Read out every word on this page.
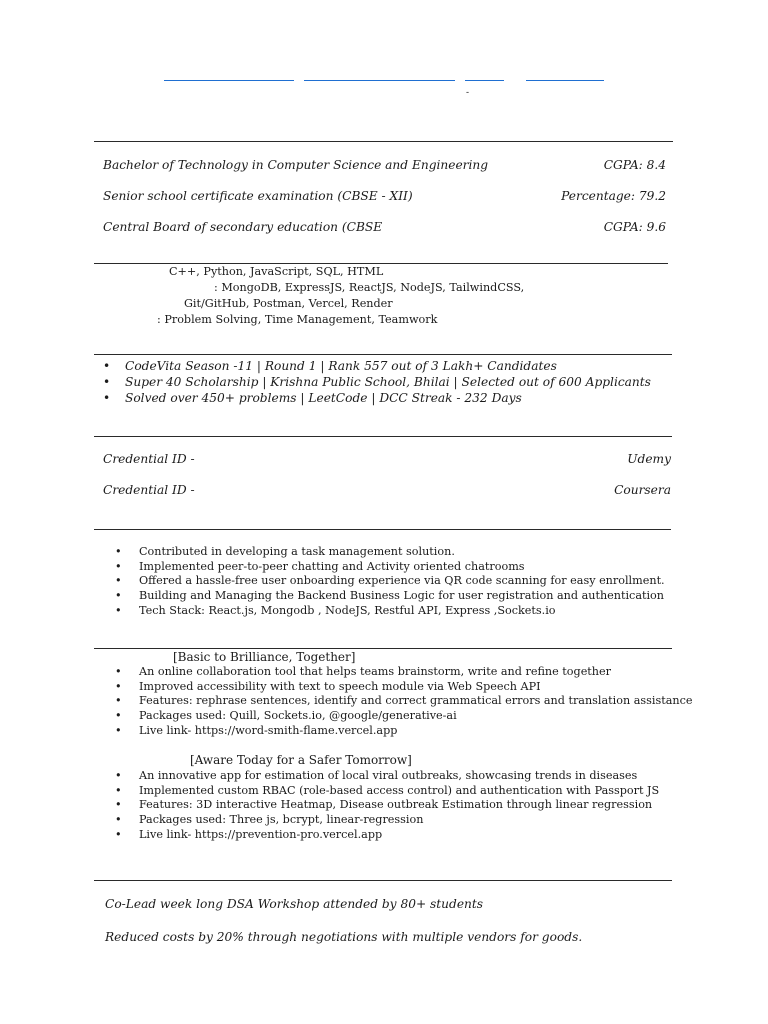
-
Bachelor of Technology in Computer Science and Engineering	CGPA: 8.4
Senior school certificate examination (CBSE - XII)	Percentage: 79.2
Central Board of secondary education (CBSE	CGPA: 9.6
C++, Python, JavaScript, SQL, HTML
: MongoDB, ExpressJS, ReactJS, NodeJS, TailwindCSS,
Git/GitHub, Postman, Vercel, Render
: Problem Solving, Time Management, Teamwork
• CodeVita Season -11 | Round 1 | Rank 557 out of 3 Lakh+ Candidates
• Super 40 Scholarship | Krishna Public School, Bhilai | Selected out of 600 Applicants
• Solved over 450+ problems | LeetCode | DCC Streak - 232 Days
Credential ID -	Udemy
Credential ID -	Coursera
• Contributed in developing a task management solution.
• Implemented peer-to-peer chatting and Activity oriented chatrooms
• Offered a hassle-free user onboarding experience via QR code scanning for easy enrollment.
• Building and Managing the Backend Business Logic for user registration and authentication
• Tech Stack: React.js, Mongodb , NodeJS, Restful API, Express ,Sockets.io
[Basic to Brilliance, Together]
• An online collaboration tool that helps teams brainstorm, write and refine together
• Improved accessibility with text to speech module via Web Speech API
• Features: rephrase sentences, identify and correct grammatical errors and translation assistance
• Packages used: Quill, Sockets.io, @google/generative-ai
• Live link- https://word-smith-flame.vercel.app
[Aware Today for a Safer Tomorrow]
• An innovative app for estimation of local viral outbreaks, showcasing trends in diseases
• Implemented custom RBAC (role-based access control) and authentication with Passport JS
• Features: 3D interactive Heatmap, Disease outbreak Estimation through linear regression
• Packages used: Three js, bcrypt, linear-regression
• Live link- https://prevention-pro.vercel.app
Co-Lead week long DSA Workshop attended by 80+ students
Reduced costs by 20% through negotiations with multiple vendors for goods.
